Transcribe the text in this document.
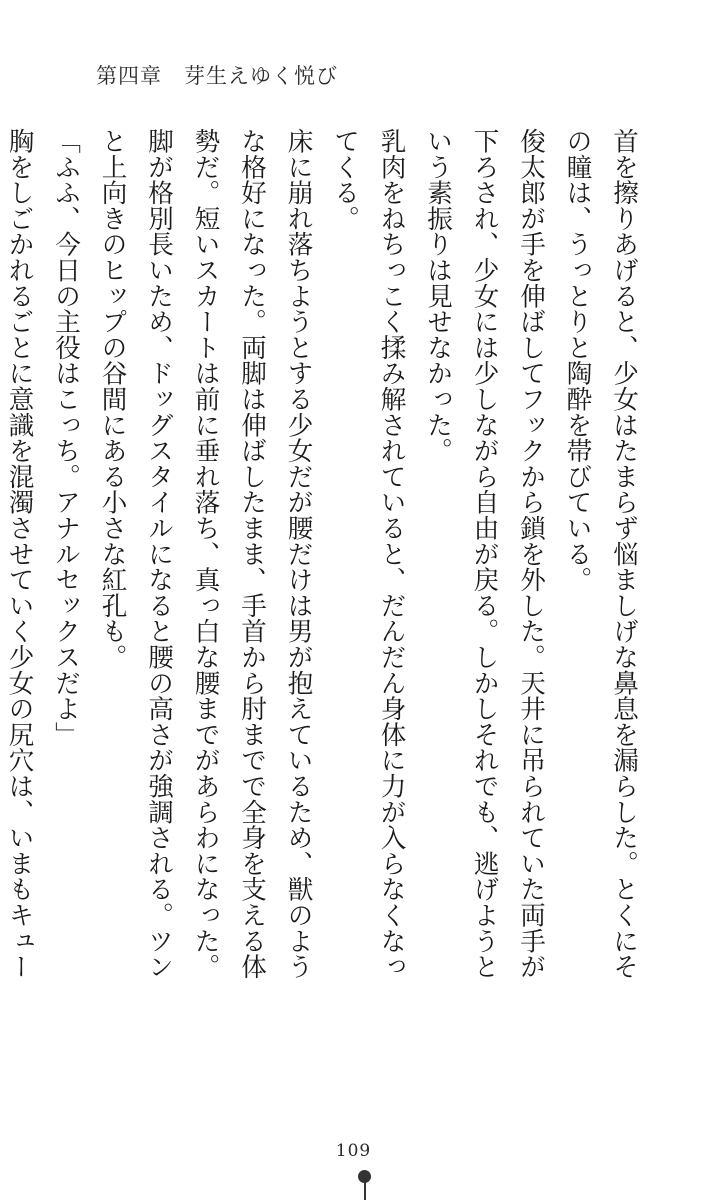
第四章 芽生えゆく悦び

首を擦りあげると、少女はたまらず悩ましげな鼻息を漏らした。とくにその瞳は、うっとりと陶酔を帯びている。

俊太郎が手を伸ばしてフックから鎖を外した。天井に吊られていた両手が下ろされ、少女には少しながら自由が戻る。しかしそれでも、逃げようという素振りは見せなかった。

乳肉をねちっこく揉み解されていると、だんだん身体に力が入らなくなってくる。

床に崩れ落ちようとする少女だが腰だけは男が抱えているため、獣のような格好になった。両脚は伸ばしたまま、手首から肘までで全身を支える体勢だ。短いスカートは前に垂れ落ち、真っ白な腰までがあらわになった。

脚が格別長いため、ドッグスタイルになると腰の高さが強調される。ツンと上向きのヒップの谷間にある小さな紅孔も。

「ふふ、今日の主役はこっち。アナルセックスだよ」

胸をしごかれるごとに意識を混濁させていく少女の尻穴は、いまもキュー

109
